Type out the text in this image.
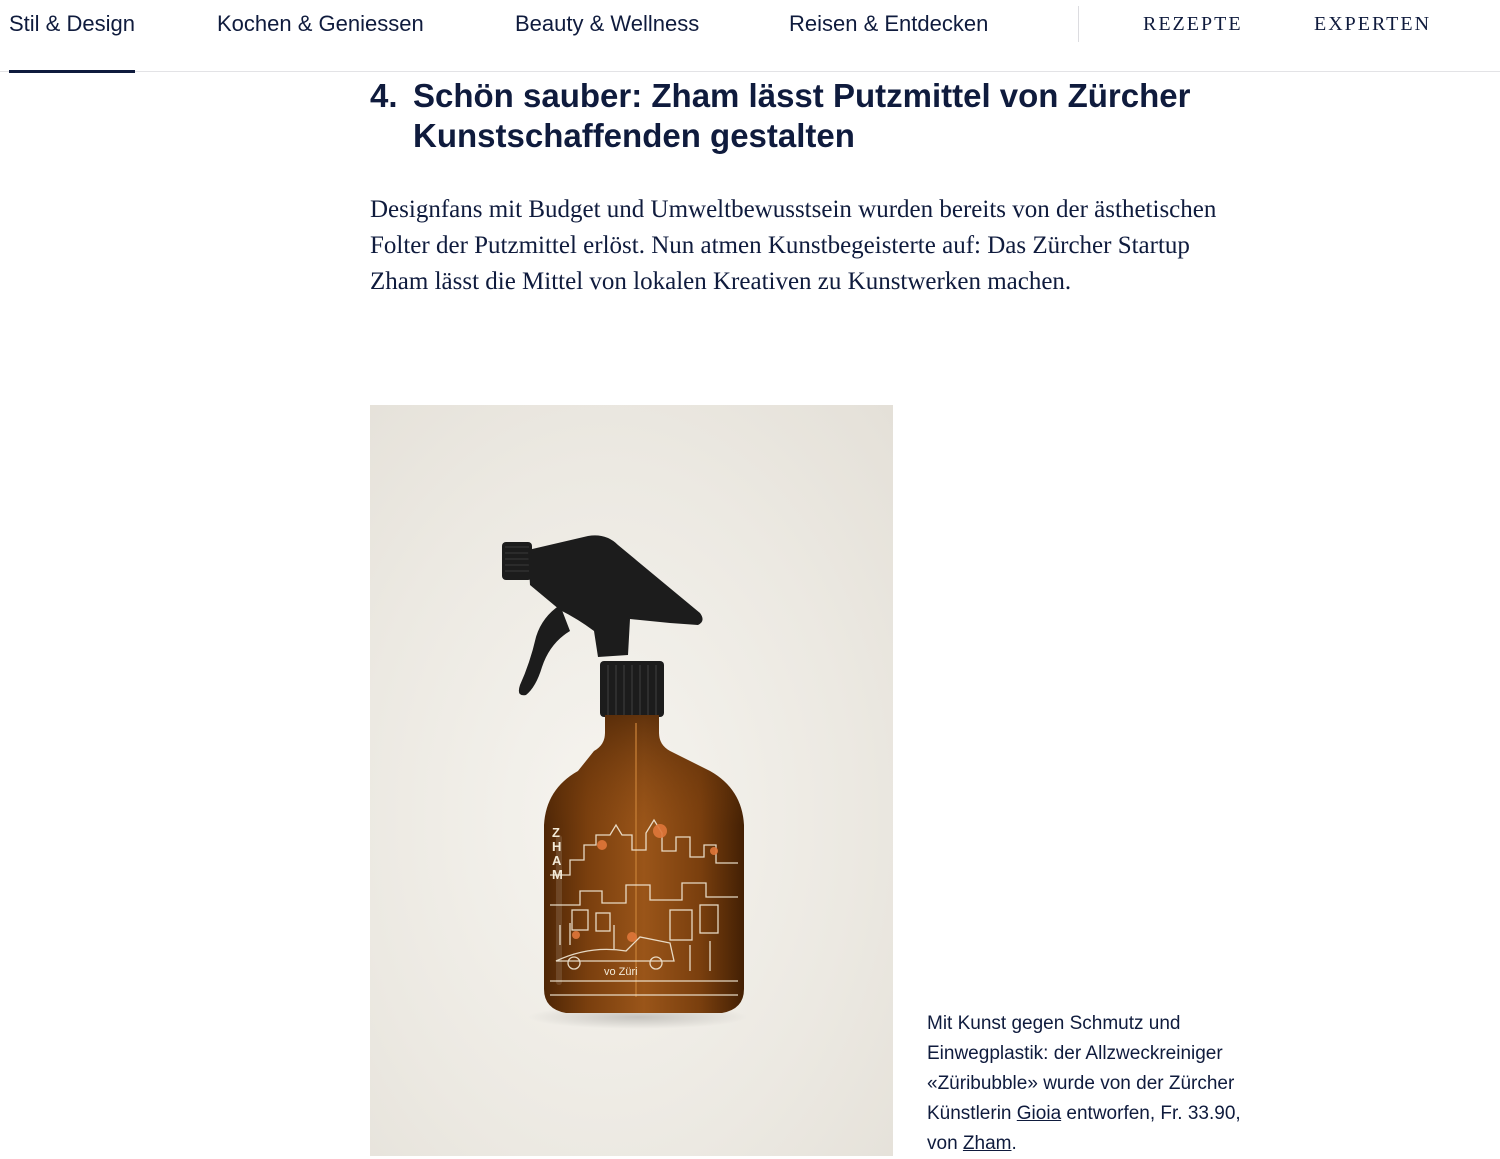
Stil & Design	Kochen & Geniessen	Beauty & Wellness	Reisen & Entdecken	REZEPTE	EXPERTEN
4. Schön sauber: Zham lässt Putzmittel von Zürcher Kunstschaffenden gestalten

Designfans mit Budget und Umweltbewusstsein wurden bereits von der ästhetischen Folter der Putzmittel erlöst. Nun atmen Kunstbegeisterte auf: Das Zürcher Startup Zham lässt die Mittel von lokalen Kreativen zu Kunstwerken machen.

Z
H
A
M
vo Züri

Mit Kunst gegen Schmutz und Einwegplastik: der Allzweckreiniger «Züribubble» wurde von der Zürcher Künstlerin Gioia entworfen, Fr. 33.90, von Zham.
